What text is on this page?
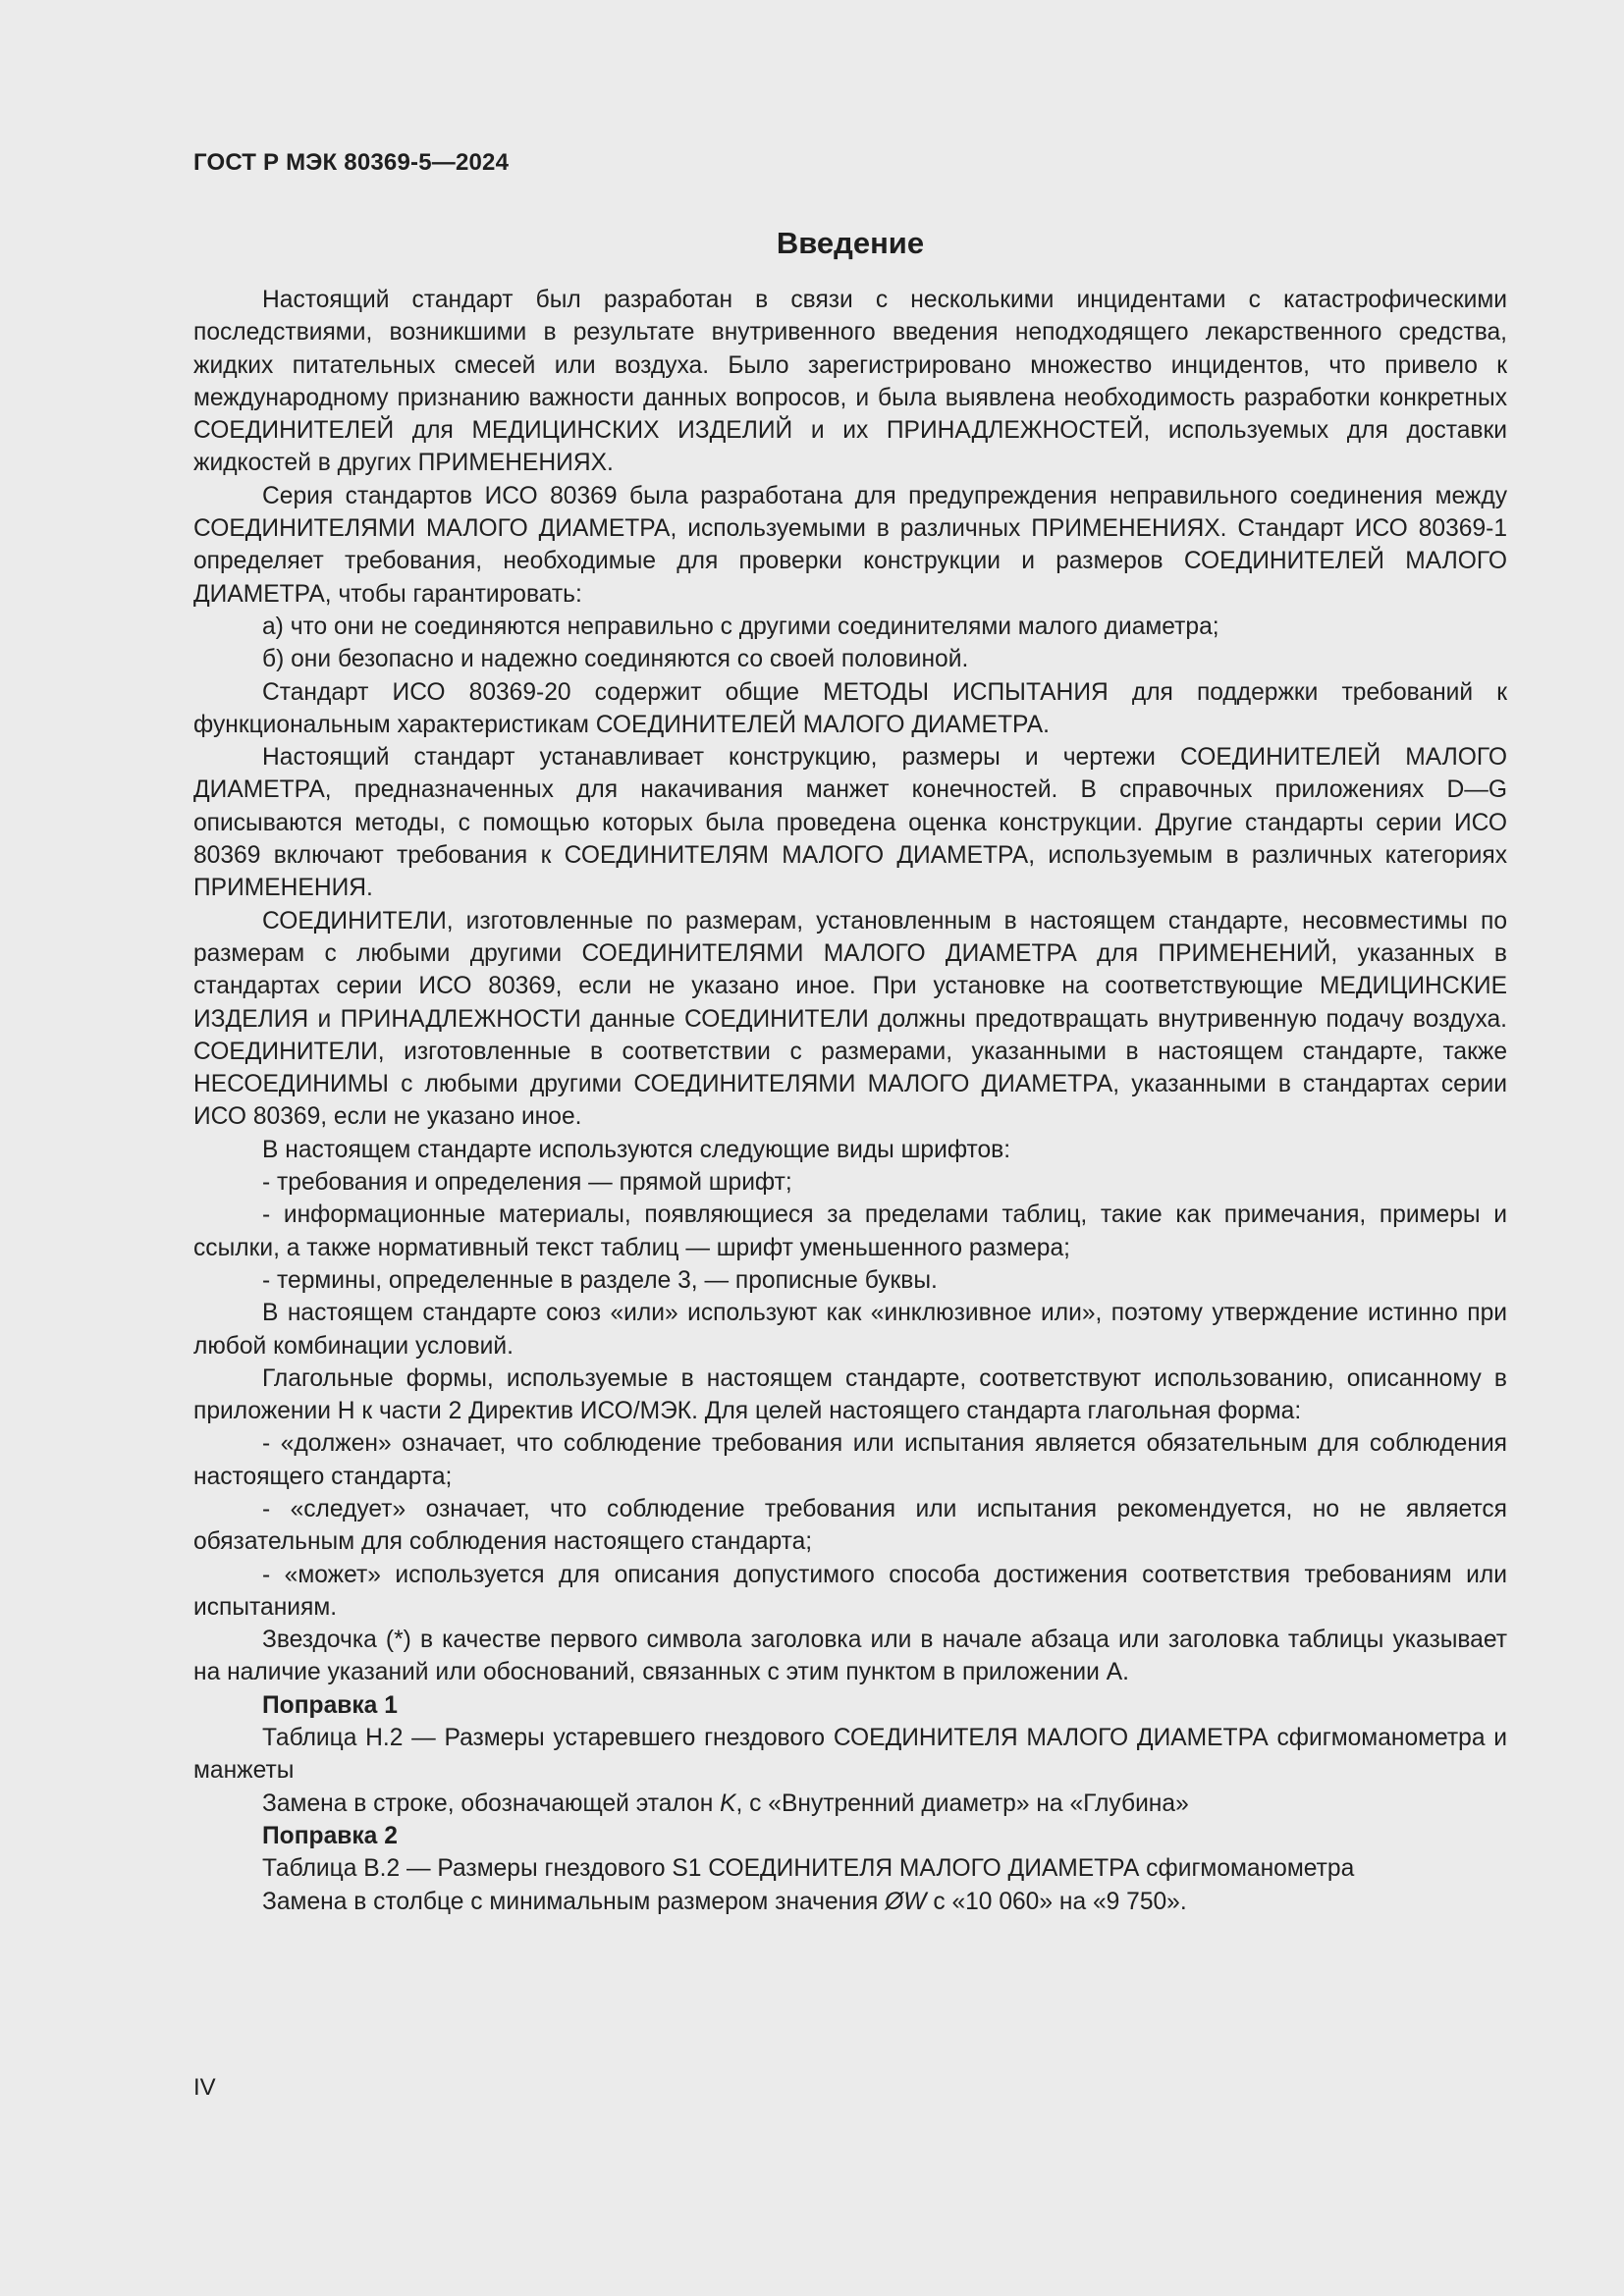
ГОСТ Р МЭК 80369-5—2024
Введение

Настоящий стандарт был разработан в связи с несколькими инцидентами с катастрофическими последствиями, возникшими в результате внутривенного введения неподходящего лекарственного средства, жидких питательных смесей или воздуха. Было зарегистрировано множество инцидентов, что привело к международному признанию важности данных вопросов, и была выявлена необходимость разработки конкретных СОЕДИНИТЕЛЕЙ для МЕДИЦИНСКИХ ИЗДЕЛИЙ и их ПРИНАДЛЕЖНОСТЕЙ, используемых для доставки жидкостей в других ПРИМЕНЕНИЯХ.

Серия стандартов ИСО 80369 была разработана для предупреждения неправильного соединения между СОЕДИНИТЕЛЯМИ МАЛОГО ДИАМЕТРА, используемыми в различных ПРИМЕНЕНИЯХ. Стандарт ИСО 80369-1 определяет требования, необходимые для проверки конструкции и размеров СОЕДИНИТЕЛЕЙ МАЛОГО ДИАМЕТРА, чтобы гарантировать:

а) что они не соединяются неправильно с другими соединителями малого диаметра;

б) они безопасно и надежно соединяются со своей половиной.

Стандарт ИСО 80369-20 содержит общие МЕТОДЫ ИСПЫТАНИЯ для поддержки требований к функциональным характеристикам СОЕДИНИТЕЛЕЙ МАЛОГО ДИАМЕТРА.

Настоящий стандарт устанавливает конструкцию, размеры и чертежи СОЕДИНИТЕЛЕЙ МАЛОГО ДИАМЕТРА, предназначенных для накачивания манжет конечностей. В справочных приложениях D—G описываются методы, с помощью которых была проведена оценка конструкции. Другие стандарты серии ИСО 80369 включают требования к СОЕДИНИТЕЛЯМ МАЛОГО ДИАМЕТРА, используемым в различных категориях ПРИМЕНЕНИЯ.

СОЕДИНИТЕЛИ, изготовленные по размерам, установленным в настоящем стандарте, несовместимы по размерам с любыми другими СОЕДИНИТЕЛЯМИ МАЛОГО ДИАМЕТРА для ПРИМЕНЕНИЙ, указанных в стандартах серии ИСО 80369, если не указано иное. При установке на соответствующие МЕДИЦИНСКИЕ ИЗДЕЛИЯ и ПРИНАДЛЕЖНОСТИ данные СОЕДИНИТЕЛИ должны предотвращать внутривенную подачу воздуха. СОЕДИНИТЕЛИ, изготовленные в соответствии с размерами, указанными в настоящем стандарте, также НЕСОЕДИНИМЫ с любыми другими СОЕДИНИТЕЛЯМИ МАЛОГО ДИАМЕТРА, указанными в стандартах серии ИСО 80369, если не указано иное.

В настоящем стандарте используются следующие виды шрифтов:

- требования и определения — прямой шрифт;

- информационные материалы, появляющиеся за пределами таблиц, такие как примечания, примеры и ссылки, а также нормативный текст таблиц — шрифт уменьшенного размера;

- термины, определенные в разделе 3, — прописные буквы.

В настоящем стандарте союз «или» используют как «инклюзивное или», поэтому утверждение истинно при любой комбинации условий.

Глагольные формы, используемые в настоящем стандарте, соответствуют использованию, описанному в приложении H к части 2 Директив ИСО/МЭК. Для целей настоящего стандарта глагольная форма:

- «должен» означает, что соблюдение требования или испытания является обязательным для соблюдения настоящего стандарта;

- «следует» означает, что соблюдение требования или испытания рекомендуется, но не является обязательным для соблюдения настоящего стандарта;

- «может» используется для описания допустимого способа достижения соответствия требованиям или испытаниям.

Звездочка (*) в качестве первого символа заголовка или в начале абзаца или заголовка таблицы указывает на наличие указаний или обоснований, связанных с этим пунктом в приложении А.

Поправка 1

Таблица H.2 — Размеры устаревшего гнездового СОЕДИНИТЕЛЯ МАЛОГО ДИАМЕТРА сфигмоманометра и манжеты

Замена в строке, обозначающей эталон K, с «Внутренний диаметр» на «Глубина»

Поправка 2

Таблица B.2 — Размеры гнездового S1 СОЕДИНИТЕЛЯ МАЛОГО ДИАМЕТРА сфигмоманометра

Замена в столбце с минимальным размером значения ØW с «10 060» на «9 750».

IV
